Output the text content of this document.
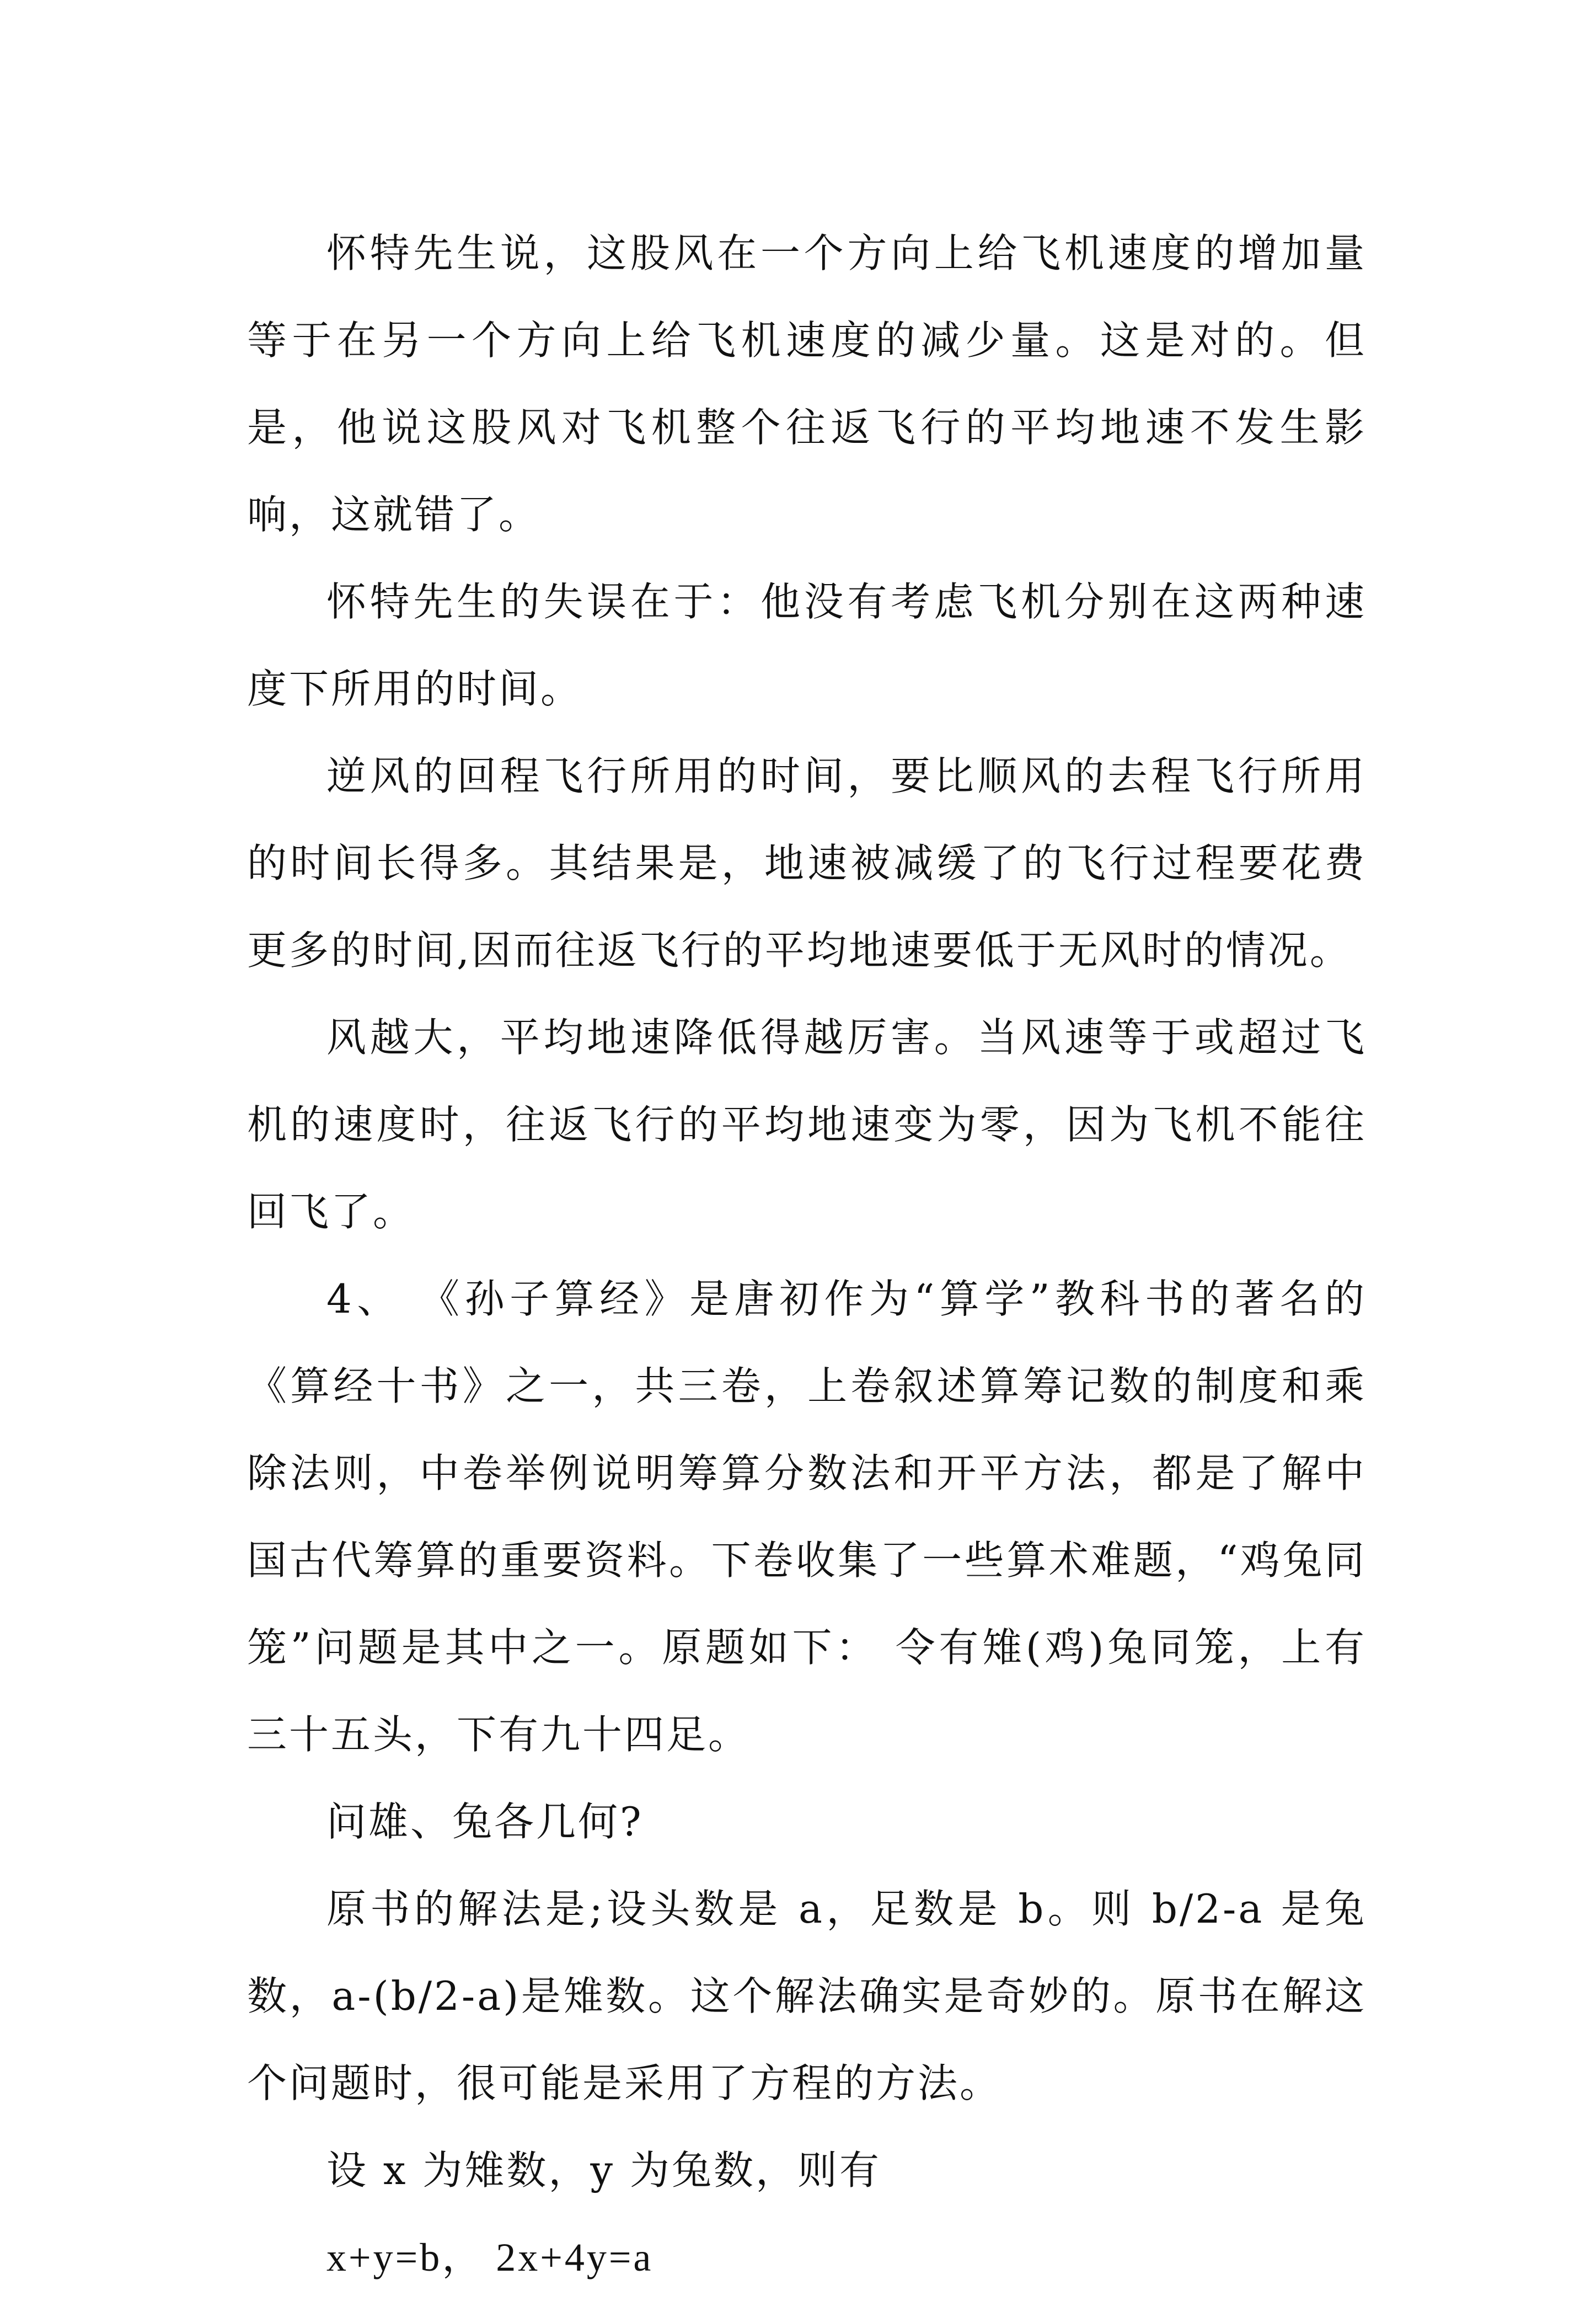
怀特先生说，这股风在一个方向上给飞机速度的增加量等于在另一个方向上给飞机速度的减少量。这是对的。但是，他说这股风对飞机整个往返飞行的平均地速不发生影响，这就错了。

怀特先生的失误在于：他没有考虑飞机分别在这两种速度下所用的时间。

逆风的回程飞行所用的时间，要比顺风的去程飞行所用的时间长得多。其结果是，地速被减缓了的飞行过程要花费更多的时间,因而往返飞行的平均地速要低于无风时的情况。

风越大，平均地速降低得越厉害。当风速等于或超过飞机的速度时，往返飞行的平均地速变为零，因为飞机不能往回飞了。

4、 《孙子算经》是唐初作为“算学”教科书的著名的《算经十书》之一，共三卷，上卷叙述算筹记数的制度和乘除法则，中卷举例说明筹算分数法和开平方法，都是了解中国古代筹算的重要资料。下卷收集了一些算术难题，“鸡兔同笼”问题是其中之一。原题如下： 令有雉(鸡)兔同笼，上有三十五头，下有九十四足。

问雄、兔各几何?

原书的解法是;设头数是 a，足数是 b。则 b/2-a 是兔数，a-(b/2-a)是雉数。这个解法确实是奇妙的。原书在解这个问题时，很可能是采用了方程的方法。

设 x 为雉数，y 为兔数，则有

x+y=b， 2x+4y=a
